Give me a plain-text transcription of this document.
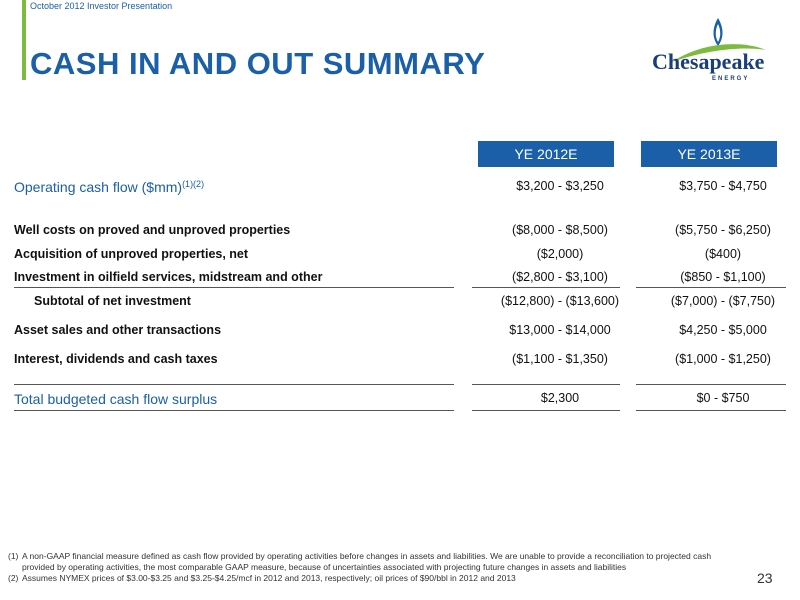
October 2012 Investor Presentation
CASH IN AND OUT SUMMARY	Chesapeake
ENERGY
YE 2012E	YE 2013E
Operating cash flow ($mm)$^{(1)(2)}$	$3,200 - $3,250	$3,750 - $4,750
Well costs on proved and unproved properties	($8,000 - $8,500)	($5,750 - $6,250)
Acquisition of unproved properties, net	($2,000)	($400)
Investment in oilfield services, midstream and other	($2,800 - $3,100)	($850 - $1,100)
Subtotal of net investment	($12,800) - ($13,600)	($7,000) - ($7,750)
Asset sales and other transactions	$13,000 - $14,000	$4,250 - $5,000
Interest, dividends and cash taxes	($1,100 - $1,350)	($1,000 - $1,250)
Total budgeted cash flow surplus	$2,300	$0 - $750
(1) A non-GAAP financial measure defined as cash flow provided by operating activities before changes in assets and liabilities. We are unable to provide a reconciliation to projected cash provided by operating activities, the most comparable GAAP measure, because of uncertainties associated with projecting future changes in assets and liabilities
(2) Assumes NYMEX prices of $3.00-$3.25 and $3.25-$4.25/mcf in 2012 and 2013, respectively; oil prices of $90/bbl in 2012 and 2013	23
